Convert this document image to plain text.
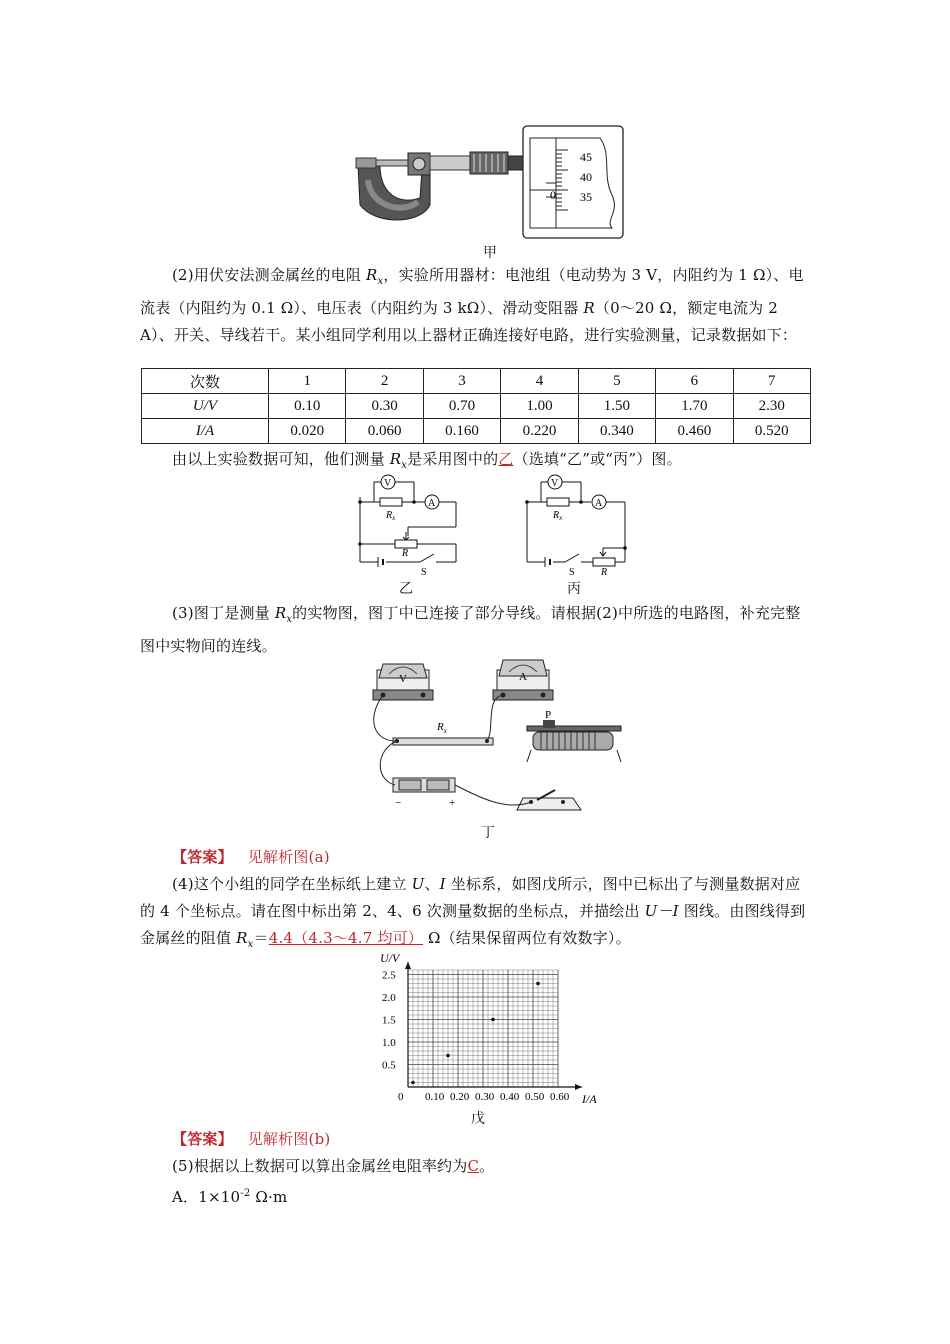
45
40
35
0
甲
(2)用伏安法测金属丝的电阻 $R_x$，实验所用器材：电池组（电动势为 3 V，内阻约为 1 Ω）、电流表（内阻约为 0.1 Ω）、电压表（内阻约为 3 kΩ）、滑动变阻器 R（0～20 Ω，额定电流为 2 A）、开关、导线若干。某小组同学利用以上器材正确连接好电路，进行实验测量，记录数据如下：
次数	1	2	3	4	5	6	7
U/V	0.10	0.30	0.70	1.00	1.50	1.70	2.30
I/A	0.020	0.060	0.160	0.220	0.340	0.460	0.520
由以上实验数据可知，他们测量 $R_x$是采用图中的乙（选填“乙”或“丙”）图。
V
A
$R_x$
R
S
乙
V
A
$R_x$
S	R
丙
(3)图丁是测量 $R_x$的实物图，图丁中已连接了部分导线。请根据(2)中所选的电路图，补充完整图中实物间的连线。
V	A
$R_x$
P
−	+
丁
【答案】 见解析图(a)
(4)这个小组的同学在坐标纸上建立 U、I 坐标系，如图戊所示，图中已标出了与测量数据对应的 4 个坐标点。请在图中标出第 2、4、6 次测量数据的坐标点，并描绘出 U－I 图线。由图线得到金属丝的阻值 $R_x=4.4(4.3\sim 4.7$ 均可） Ω（结果保留两位有效数字）。
0 0.10 0.20 0.30 0.40 0.50 0.60
0.5
1.0
1.5
2.0
2.5
U/V
I/A
戊
【答案】 见解析图(b)
(5)根据以上数据可以算出金属丝电阻率约为C。
A．$1\times 10^{-2}$ Ω·m
